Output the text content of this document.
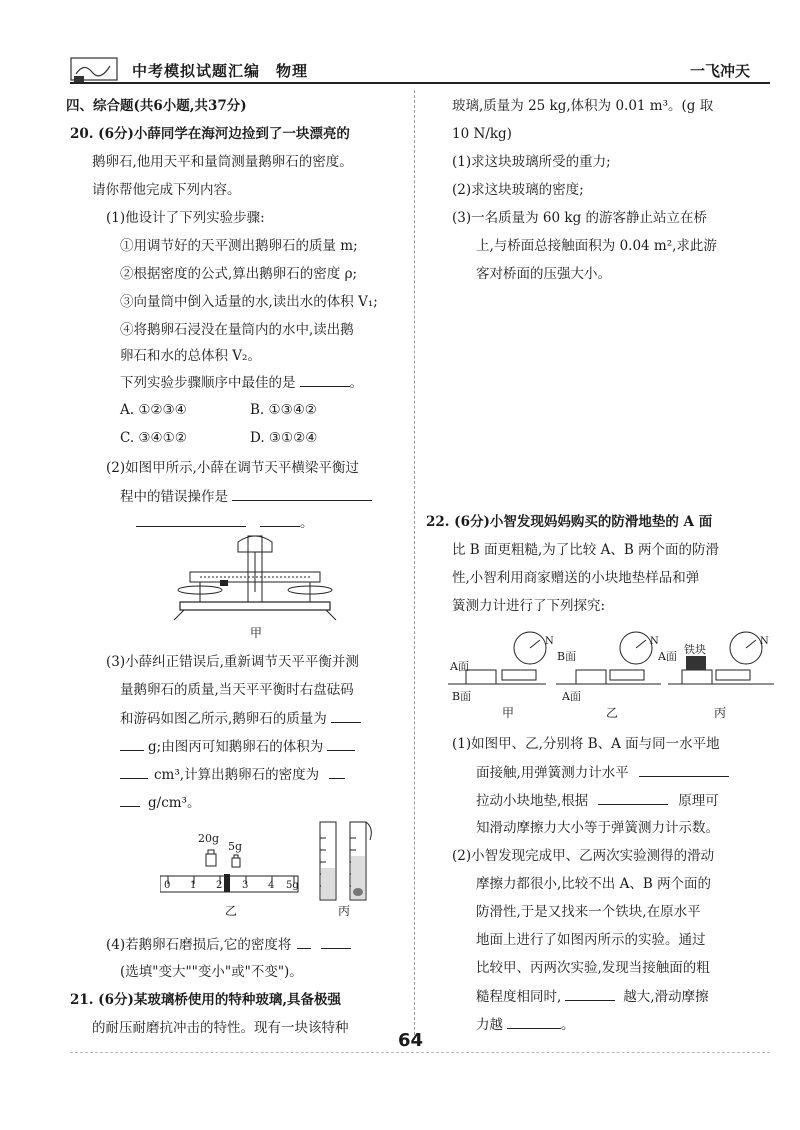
中考模拟试题汇编　物理	一飞冲天
四、综合题(共6小题,共37分)
20. (6分)小薛同学在海河边捡到了一块漂亮的
鹅卵石,他用天平和量筒测量鹅卵石的密度。
请你帮他完成下列内容。
(1)他设计了下列实验步骤:
①用调节好的天平测出鹅卵石的质量 m;
②根据密度的公式,算出鹅卵石的密度 ρ;
③向量筒中倒入适量的水,读出水的体积 V₁;
④将鹅卵石浸没在量筒内的水中,读出鹅
卵石和水的总体积 V₂。
下列实验步骤顺序中最佳的是	。
A. ①②③④	B. ①③④②
C. ③④①②	D. ③①②④
(2)如图甲所示,小薛在调节天平横梁平衡过
程中的错误操作是
。
甲
(3)小薛纠正错误后,重新调节天平平衡并测
量鹅卵石的质量,当天平平衡时右盘砝码
和游码如图乙所示,鹅卵石的质量为
g;由图丙可知鹅卵石的体积为
cm³,计算出鹅卵石的密度为
g/cm³。
20g
5g
0 1 2 3 4 5g
乙	丙
(4)若鹅卵石磨损后,它的密度将
(选填"变大""变小"或"不变")。
21. (6分)某玻璃桥使用的特种玻璃,具备极强
的耐压耐磨抗冲击的特性。现有一块该特种
玻璃,质量为 25 kg,体积为 0.01 m³。(g 取
10 N/kg)
(1)求这块玻璃所受的重力;
(2)求这块玻璃的密度;
(3)一名质量为 60 kg 的游客静止站立在桥
上,与桥面总接触面积为 0.04 m²,求此游
客对桥面的压强大小。
22. (6分)小智发现妈妈购买的防滑地垫的 A 面
比 B 面更粗糙,为了比较 A、B 两个面的防滑
性,小智利用商家赠送的小块地垫样品和弹
簧测力计进行了下列探究:
A面
B面
B面
A面
A面
铁块
N	N	N
甲	乙	丙
(1)如图甲、乙,分别将 B、A 面与同一水平地
面接触,用弹簧测力计水平
拉动小块地垫,根据	原理可
知滑动摩擦力大小等于弹簧测力计示数。
(2)小智发现完成甲、乙两次实验测得的滑动
摩擦力都很小,比较不出 A、B 两个面的
防滑性,于是又找来一个铁块,在原水平
地面上进行了如图丙所示的实验。通过
比较甲、丙两次实验,发现当接触面的粗
糙程度相同时,	越大,滑动摩擦
力越	。
64
